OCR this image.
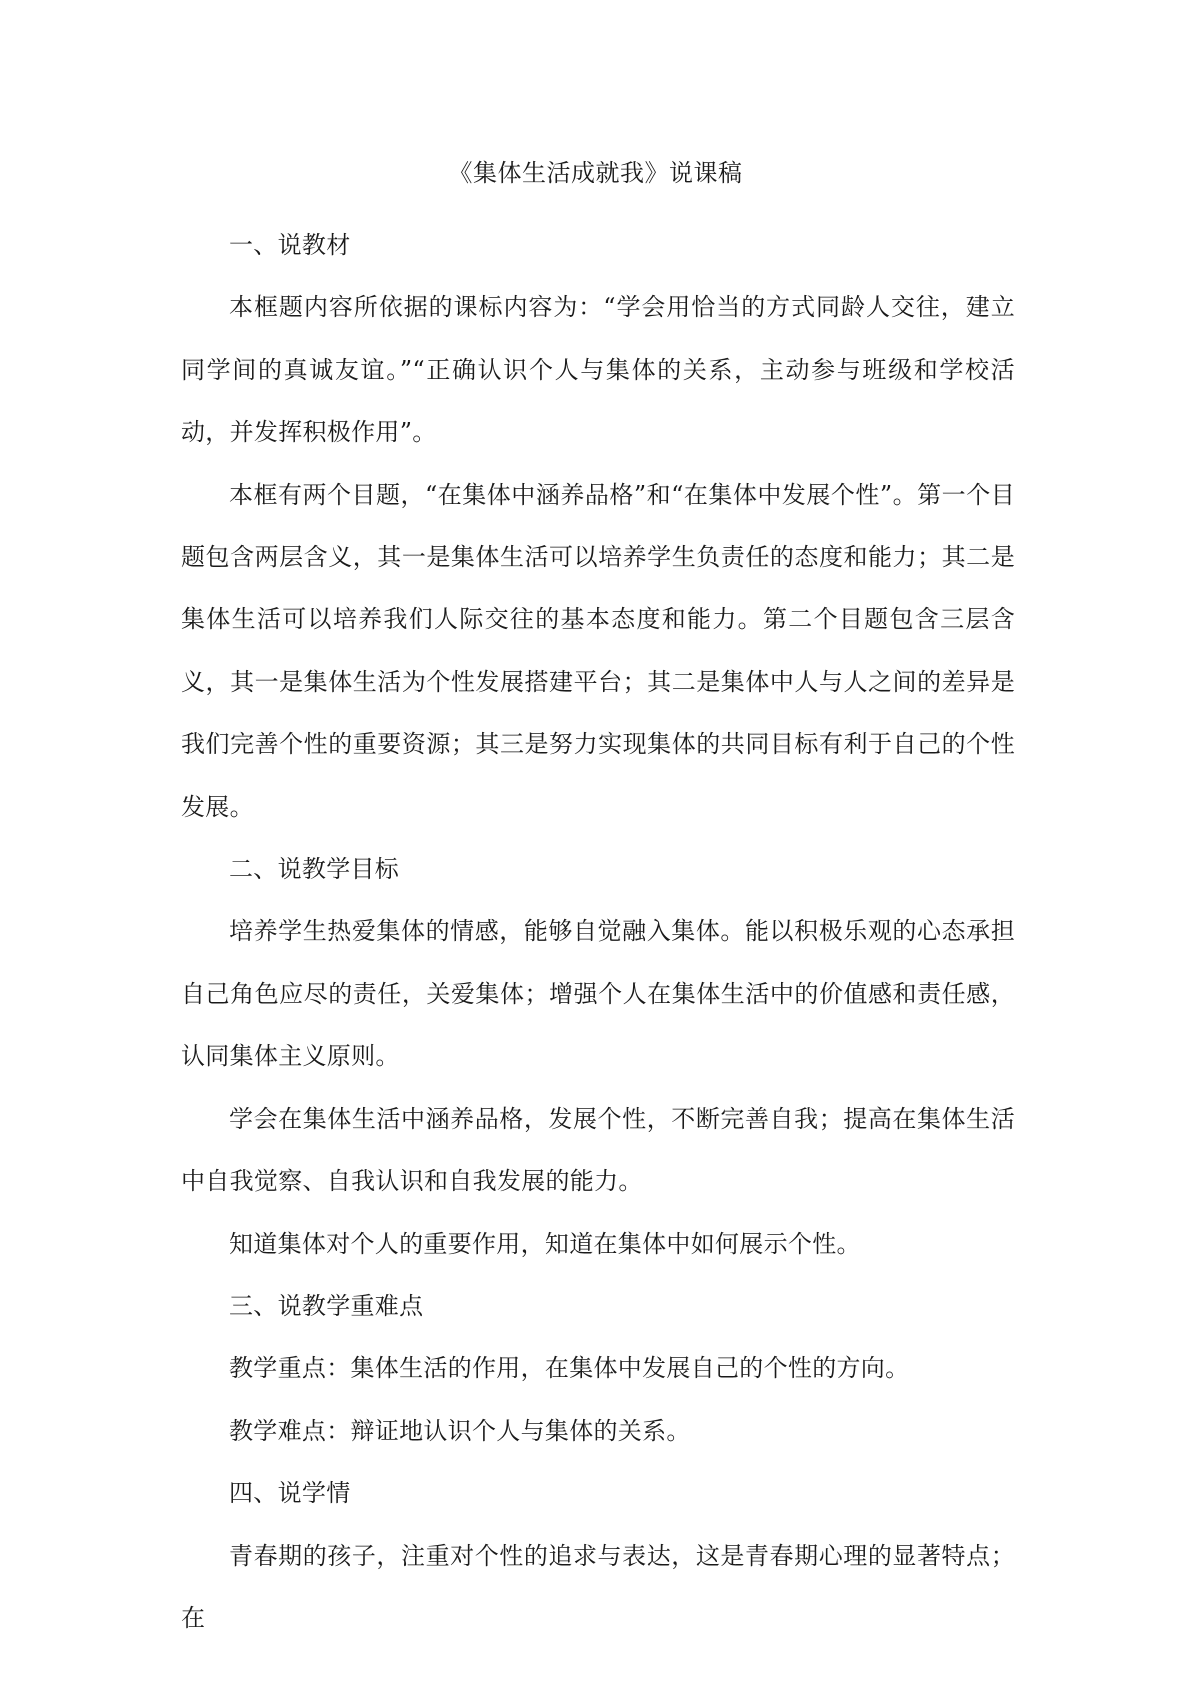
《集体生活成就我》说课稿

一、说教材

本框题内容所依据的课标内容为：“学会用恰当的方式同龄人交往，建立同学间的真诚友谊。”“正确认识个人与集体的关系，主动参与班级和学校活动，并发挥积极作用”。

本框有两个目题，“在集体中涵养品格”和“在集体中发展个性”。第一个目题包含两层含义，其一是集体生活可以培养学生负责任的态度和能力；其二是集体生活可以培养我们人际交往的基本态度和能力。第二个目题包含三层含义，其一是集体生活为个性发展搭建平台；其二是集体中人与人之间的差异是我们完善个性的重要资源；其三是努力实现集体的共同目标有利于自己的个性发展。

二、说教学目标

培养学生热爱集体的情感，能够自觉融入集体。能以积极乐观的心态承担自己角色应尽的责任，关爱集体；增强个人在集体生活中的价值感和责任感，认同集体主义原则。

学会在集体生活中涵养品格，发展个性，不断完善自我；提高在集体生活中自我觉察、自我认识和自我发展的能力。

知道集体对个人的重要作用，知道在集体中如何展示个性。

三、说教学重难点

教学重点：集体生活的作用，在集体中发展自己的个性的方向。

教学难点：辩证地认识个人与集体的关系。

四、说学情

青春期的孩子，注重对个性的追求与表达，这是青春期心理的显著特点；在
